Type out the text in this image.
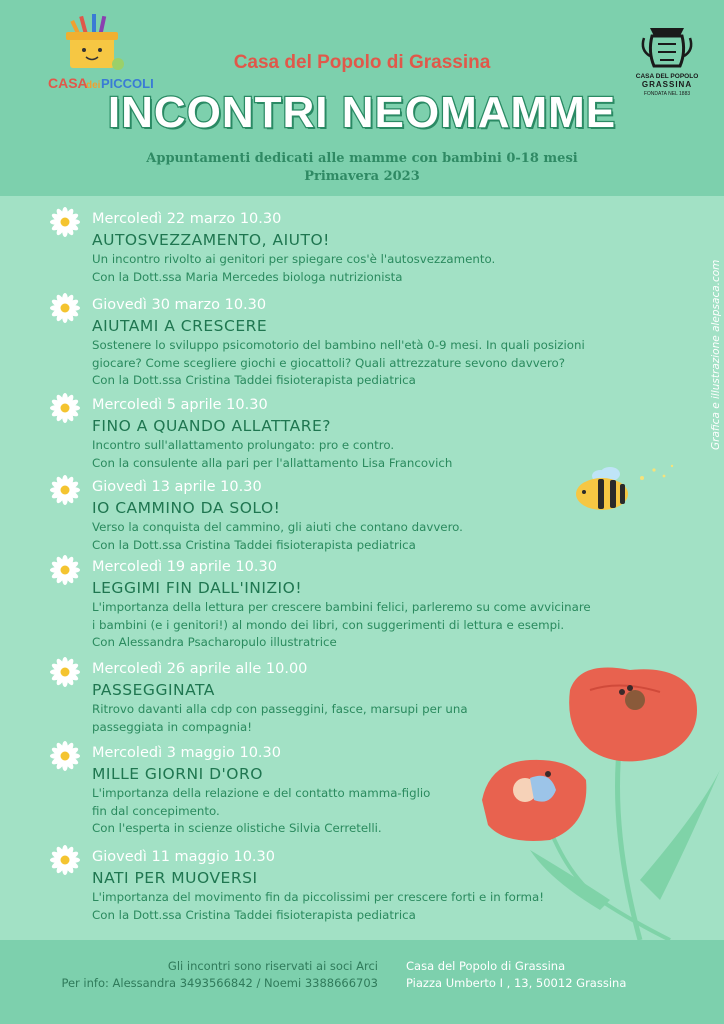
CASA
dei PICCOLI	CASA DEL POPOLO
GRASSINA
FONDATA NEL 1883
Casa del Popolo di Grassina
INCONTRI NEOMAMME
Appuntamenti dedicati alle mamme con bambini 0-18 mesi
Primavera 2023
Mercoledì 22 marzo 10.30
AUTOSVEZZAMENTO, AIUTO!
Un incontro rivolto ai genitori per spiegare cos'è l'autosvezzamento.
Con la Dott.ssa Maria Mercedes biologa nutrizionista
Giovedì 30 marzo 10.30
AIUTAMI A CRESCERE
Sostenere lo sviluppo psicomotorio del bambino nell'età 0-9 mesi. In quali posizioni
giocare? Come scegliere giochi e giocattoli? Quali attrezzature sevono davvero?
Con la Dott.ssa Cristina Taddei fisioterapista pediatrica
Mercoledì 5 aprile 10.30
FINO A QUANDO ALLATTARE?
Incontro sull'allattamento prolungato: pro e contro.
Con la consulente alla pari per l'allattamento Lisa Francovich
Giovedì 13 aprile 10.30
IO CAMMINO DA SOLO!
Verso la conquista del cammino, gli aiuti che contano davvero.
Con la Dott.ssa Cristina Taddei fisioterapista pediatrica
Mercoledì 19 aprile 10.30
LEGGIMI FIN DALL'INIZIO!
L'importanza della lettura per crescere bambini felici, parleremo su come avvicinare
i bambini (e i genitori!) al mondo dei libri, con suggerimenti di lettura e esempi.
Con Alessandra Psacharopulo illustratrice
Mercoledì 26 aprile alle 10.00
PASSEGGINATA
Ritrovo davanti alla cdp con passeggini, fasce, marsupi per una
passeggiata in compagnia!
Mercoledì 3 maggio 10.30
MILLE GIORNI D'ORO
L'importanza della relazione e del contatto mamma-figlio
fin dal concepimento.
Con l'esperta in scienze olistiche Silvia Cerretelli.
Giovedì 11 maggio 10.30
NATI PER MUOVERSI
L'importanza del movimento fin da piccolissimi per crescere forti e in forma!
Con la Dott.ssa Cristina Taddei fisioterapista pediatrica
Grafica e illustrazione alepsaca.com
Gli incontri sono riservati ai soci Arci
Per info: Alessandra 3493566842 / Noemi 3388666703
Casa del Popolo di Grassina
Piazza Umberto I , 13, 50012 Grassina
